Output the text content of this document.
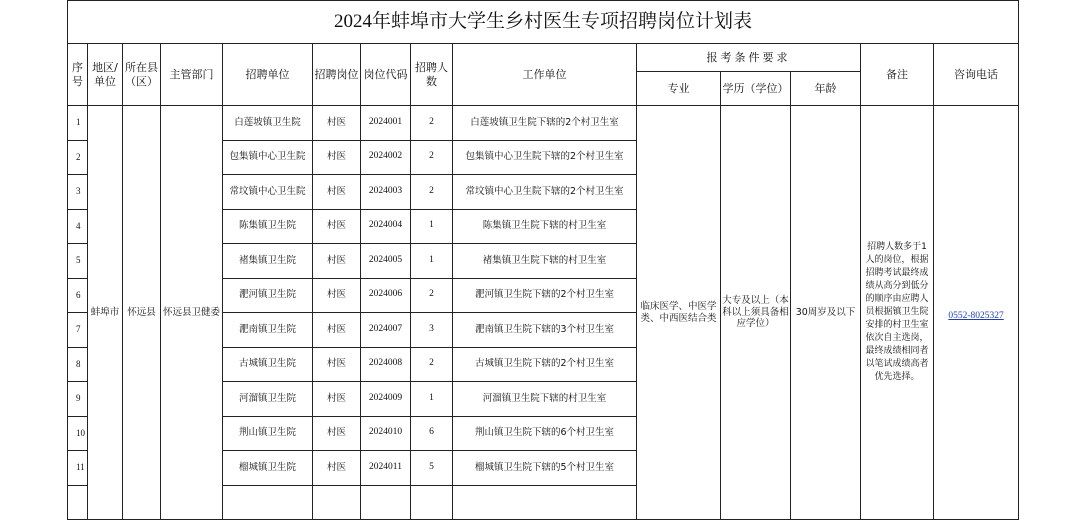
2024年蚌埠市大学生乡村医生专项招聘岗位计划表													
序号	地区/单位	所在县（区）	主管部门	招聘单位	招聘岗位	岗位代码	招聘人数	工作单位	报考条件要求			备注	咨询电话
									专业	学历（学位）	年龄		
1	蚌埠市	怀远县	怀远县卫健委	白莲坡镇卫生院	村医	2024001	2	白莲坡镇卫生院下辖的2个村卫生室	临床医学、中医学类、中西医结合类	大专及以上（本科以上须具备相应学位）	30周岁及以下	招聘人数多于1人的岗位，根据招聘考试最终成绩从高分到低分的顺序由应聘人员根据镇卫生院安排的村卫生室依次自主选岗，最终成绩相同者以笔试成绩高者优先选择。	0552-8025327
2				包集镇中心卫生院	村医	2024002	2	包集镇中心卫生院下辖的2个村卫生室					
3				常坟镇中心卫生院	村医	2024003	2	常坟镇中心卫生院下辖的2个村卫生室					
4				陈集镇卫生院	村医	2024004	1	陈集镇卫生院下辖的村卫生室					
5				褚集镇卫生院	村医	2024005	1	褚集镇卫生院下辖的村卫生室					
6				淝河镇卫生院	村医	2024006	2	淝河镇卫生院下辖的2个村卫生室					
7				淝南镇卫生院	村医	2024007	3	淝南镇卫生院下辖的3个村卫生室					
8				古城镇卫生院	村医	2024008	2	古城镇卫生院下辖的2个村卫生室					
9				河溜镇卫生院	村医	2024009	1	河溜镇卫生院下辖的村卫生室					
10				荆山镇卫生院	村医	2024010	6	荆山镇卫生院下辖的6个村卫生室					
11				榴城镇卫生院	村医	2024011	5	榴城镇卫生院下辖的5个村卫生室					
